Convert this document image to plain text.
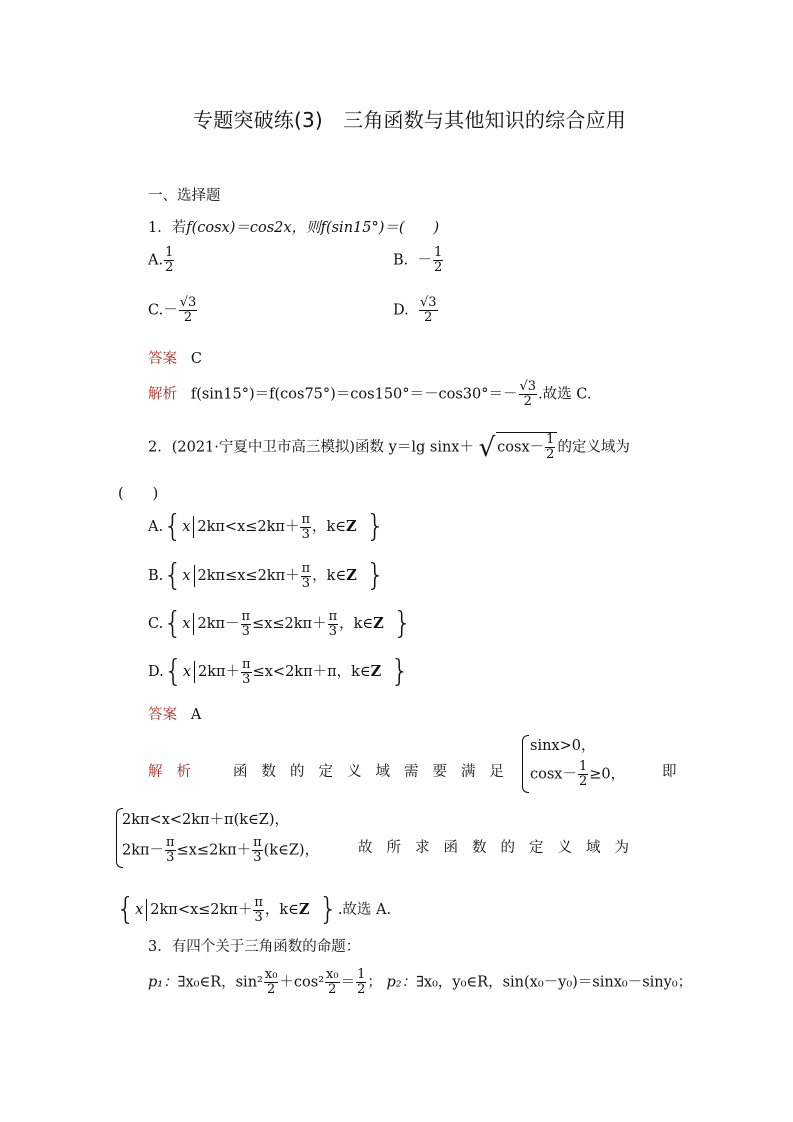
专题突破练(3)　三角函数与其他知识的综合应用
一、选择题
1．若f(cosx)＝cos2x，则f(sin15°)＝(　　)
A. $\frac{1}{2}$	B. － $\frac{1}{2}$
$C.- \frac{√3}{2}$	D. $\frac{√3}{2}$
答案 C
解析 $f(\sin 15^\circ)=f(\cos 75^\circ)=\cos 150^\circ=-\cos 30^\circ=- \frac{√3}{2}$ .故选 C.
2．(2021·宁夏中卫市高三模拟)函数 y＝lg sinx＋ √ $\cos x- \frac{1}{2}$ 的定义域为
(　　)
A.{x $2k\pi<x\le 2k\pi+ \frac{\pi}{3}$ ，k∈Z }
B.{x $2k\pi\le x\le 2k\pi+ \frac{\pi}{3}$ ，k∈Z }
C.{x $2k\pi- \frac{\pi}{3} \le x\le 2k\pi+ \frac{\pi}{3}$ ，k∈Z }
D.{x $2k\pi+ \frac{\pi}{3} \le x<2k\pi+\pi$，k∈Z }
答案 A
解析 函数的定义域需要满足
sinx>0，
$\cos x- \frac{1}{2} \ge 0$，	即
2kπ<x<2kπ＋π(k∈Z)，
$2k\pi- \frac{\pi}{3} \le x\le 2k\pi+ \frac{\pi}{3}$ (k∈Z)，	故所求函数的定义域为
{x $2k\pi<x\le 2k\pi+ \frac{\pi}{3}$ ，k∈Z }.故选 A.
3．有四个关于三角函数的命题：
p₁：∃x₀∈R，$\sin^2 \frac{\text{x₀}}{2} +\cos^2 \frac{\text{x₀}}{2} = \frac{1}{2}$ ； p₂：∃x₀，y₀∈R，sin(x₀－y₀)＝sinx₀－siny₀；
